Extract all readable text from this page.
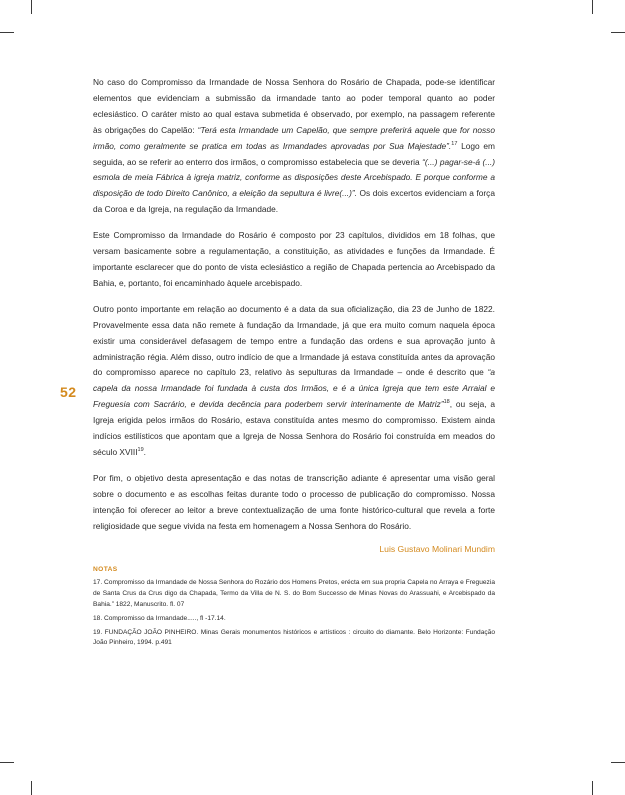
52

No caso do Compromisso da Irmandade de Nossa Senhora do Rosário de Chapada, pode-se identificar elementos que evidenciam a submissão da irmandade tanto ao poder temporal quanto ao poder eclesiástico. O caráter misto ao qual estava submetida é observado, por exemplo, na passagem referente às obrigações do Capelão: “Terá esta Irmandade um Capelão, que sempre preferirá aquele que for nosso irmão, como geralmente se pratica em todas as Irmandades aprovadas por Sua Majestade”.$^{17}$ Logo em seguida, ao se referir ao enterro dos irmãos, o compromisso estabelecia que se deveria “(...) pagar-se-á (...) esmola de meia Fábrica à igreja matriz, conforme as disposições deste Arcebispado. E porque conforme a disposição de todo Direito Canônico, a eleição da sepultura é livre(...)”. Os dois excertos evidenciam a força da Coroa e da Igreja, na regulação da Irmandade.

Este Compromisso da Irmandade do Rosário é composto por 23 capítulos, divididos em 18 folhas, que versam basicamente sobre a regulamentação, a constituição, as atividades e funções da Irmandade. É importante esclarecer que do ponto de vista eclesiástico a região de Chapada pertencia ao Arcebispado da Bahia, e, portanto, foi encaminhado àquele arcebispado.

Outro ponto importante em relação ao documento é a data da sua oficialização, dia 23 de Junho de 1822. Provavelmente essa data não remete à fundação da Irmandade, já que era muito comum naquela época existir uma considerável defasagem de tempo entre a fundação das ordens e sua aprovação junto à administração régia. Além disso, outro indício de que a Irmandade já estava constituída antes da aprovação do compromisso aparece no capítulo 23, relativo às sepulturas da Irmandade – onde é descrito que “a capela da nossa Irmandade foi fundada à custa dos Irmãos, e é a única Igreja que tem este Arraial e Freguesia com Sacrário, e devida decência para poderbem servir interinamente de Matriz”$^{18}$, ou seja, a Igreja erigida pelos irmãos do Rosário, estava constituída antes mesmo do compromisso. Existem ainda indícios estilísticos que apontam que a Igreja de Nossa Senhora do Rosário foi construída em meados do século XVIII$^{19}$.

Por fim, o objetivo desta apresentação e das notas de transcrição adiante é apresentar uma visão geral sobre o documento e as escolhas feitas durante todo o processo de publicação do compromisso. Nossa intenção foi oferecer ao leitor a breve contextualização de uma fonte histórico-cultural que revela a forte religiosidade que segue vivida na festa em homenagem a Nossa Senhora do Rosário.

Luis Gustavo Molinari Mundim
NOTAS
17. Compromisso da Irmandade de Nossa Senhora do Rozário dos Homens Pretos, erécta em sua propria Capela no Arraya e Freguezia de Santa Crus da Crus digo da Chapada, Termo da Villa de N. S. do Bom Successo de Minas Novas do Arassuahi, e Arcebispado da Bahia.” 1822, Manuscrito. fl. 07
18. Compromisso da Irmandade....., fl -17.14.
19. FUNDAÇÃO JOÃO PINHEIRO. Minas Gerais monumentos históricos e artísticos : circuito do diamante. Belo Horizonte: Fundação João Pinheiro, 1994. p.491
